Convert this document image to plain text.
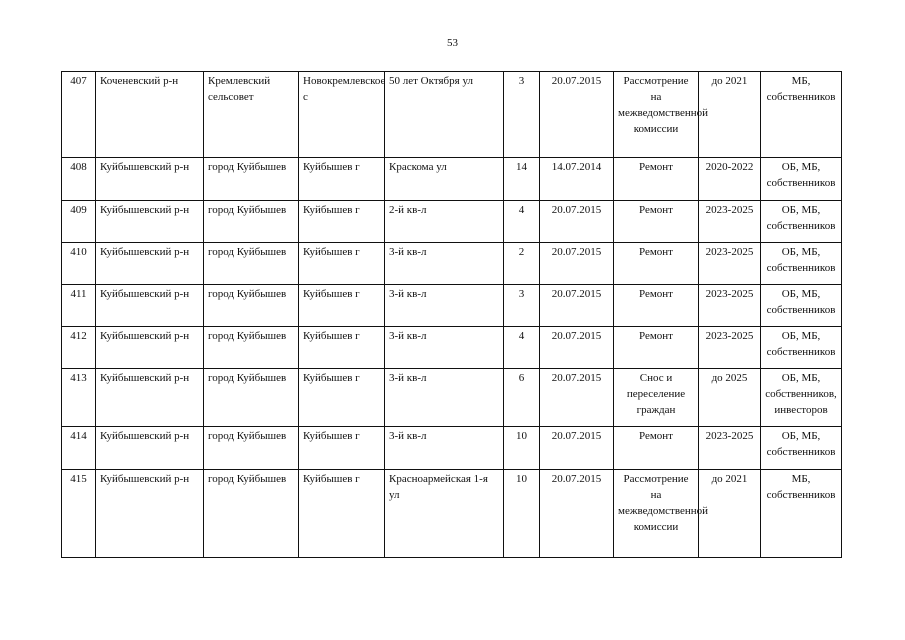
53
407	Коченевский р-н	Кремлевский сельсовет	Новокремлевское с	50 лет Октября ул	3	20.07.2015	Рассмотрение на межведомственной комиссии	до 2021	МБ, собственников
408	Куйбышевский р-н	город Куйбышев	Куйбышев г	Краскома ул	14	14.07.2014	Ремонт	2020-2022	ОБ, МБ, собственников
409	Куйбышевский р-н	город Куйбышев	Куйбышев г	2-й кв-л	4	20.07.2015	Ремонт	2023-2025	ОБ, МБ, собственников
410	Куйбышевский р-н	город Куйбышев	Куйбышев г	3-й кв-л	2	20.07.2015	Ремонт	2023-2025	ОБ, МБ, собственников
411	Куйбышевский р-н	город Куйбышев	Куйбышев г	3-й кв-л	3	20.07.2015	Ремонт	2023-2025	ОБ, МБ, собственников
412	Куйбышевский р-н	город Куйбышев	Куйбышев г	3-й кв-л	4	20.07.2015	Ремонт	2023-2025	ОБ, МБ, собственников
413	Куйбышевский р-н	город Куйбышев	Куйбышев г	3-й кв-л	6	20.07.2015	Снос и переселение граждан	до 2025	ОБ, МБ, собственников, инвесторов
414	Куйбышевский р-н	город Куйбышев	Куйбышев г	3-й кв-л	10	20.07.2015	Ремонт	2023-2025	ОБ, МБ, собственников
415	Куйбышевский р-н	город Куйбышев	Куйбышев г	Красноармейская 1-я ул	10	20.07.2015	Рассмотрение на межведомственной комиссии	до 2021	МБ, собственников
